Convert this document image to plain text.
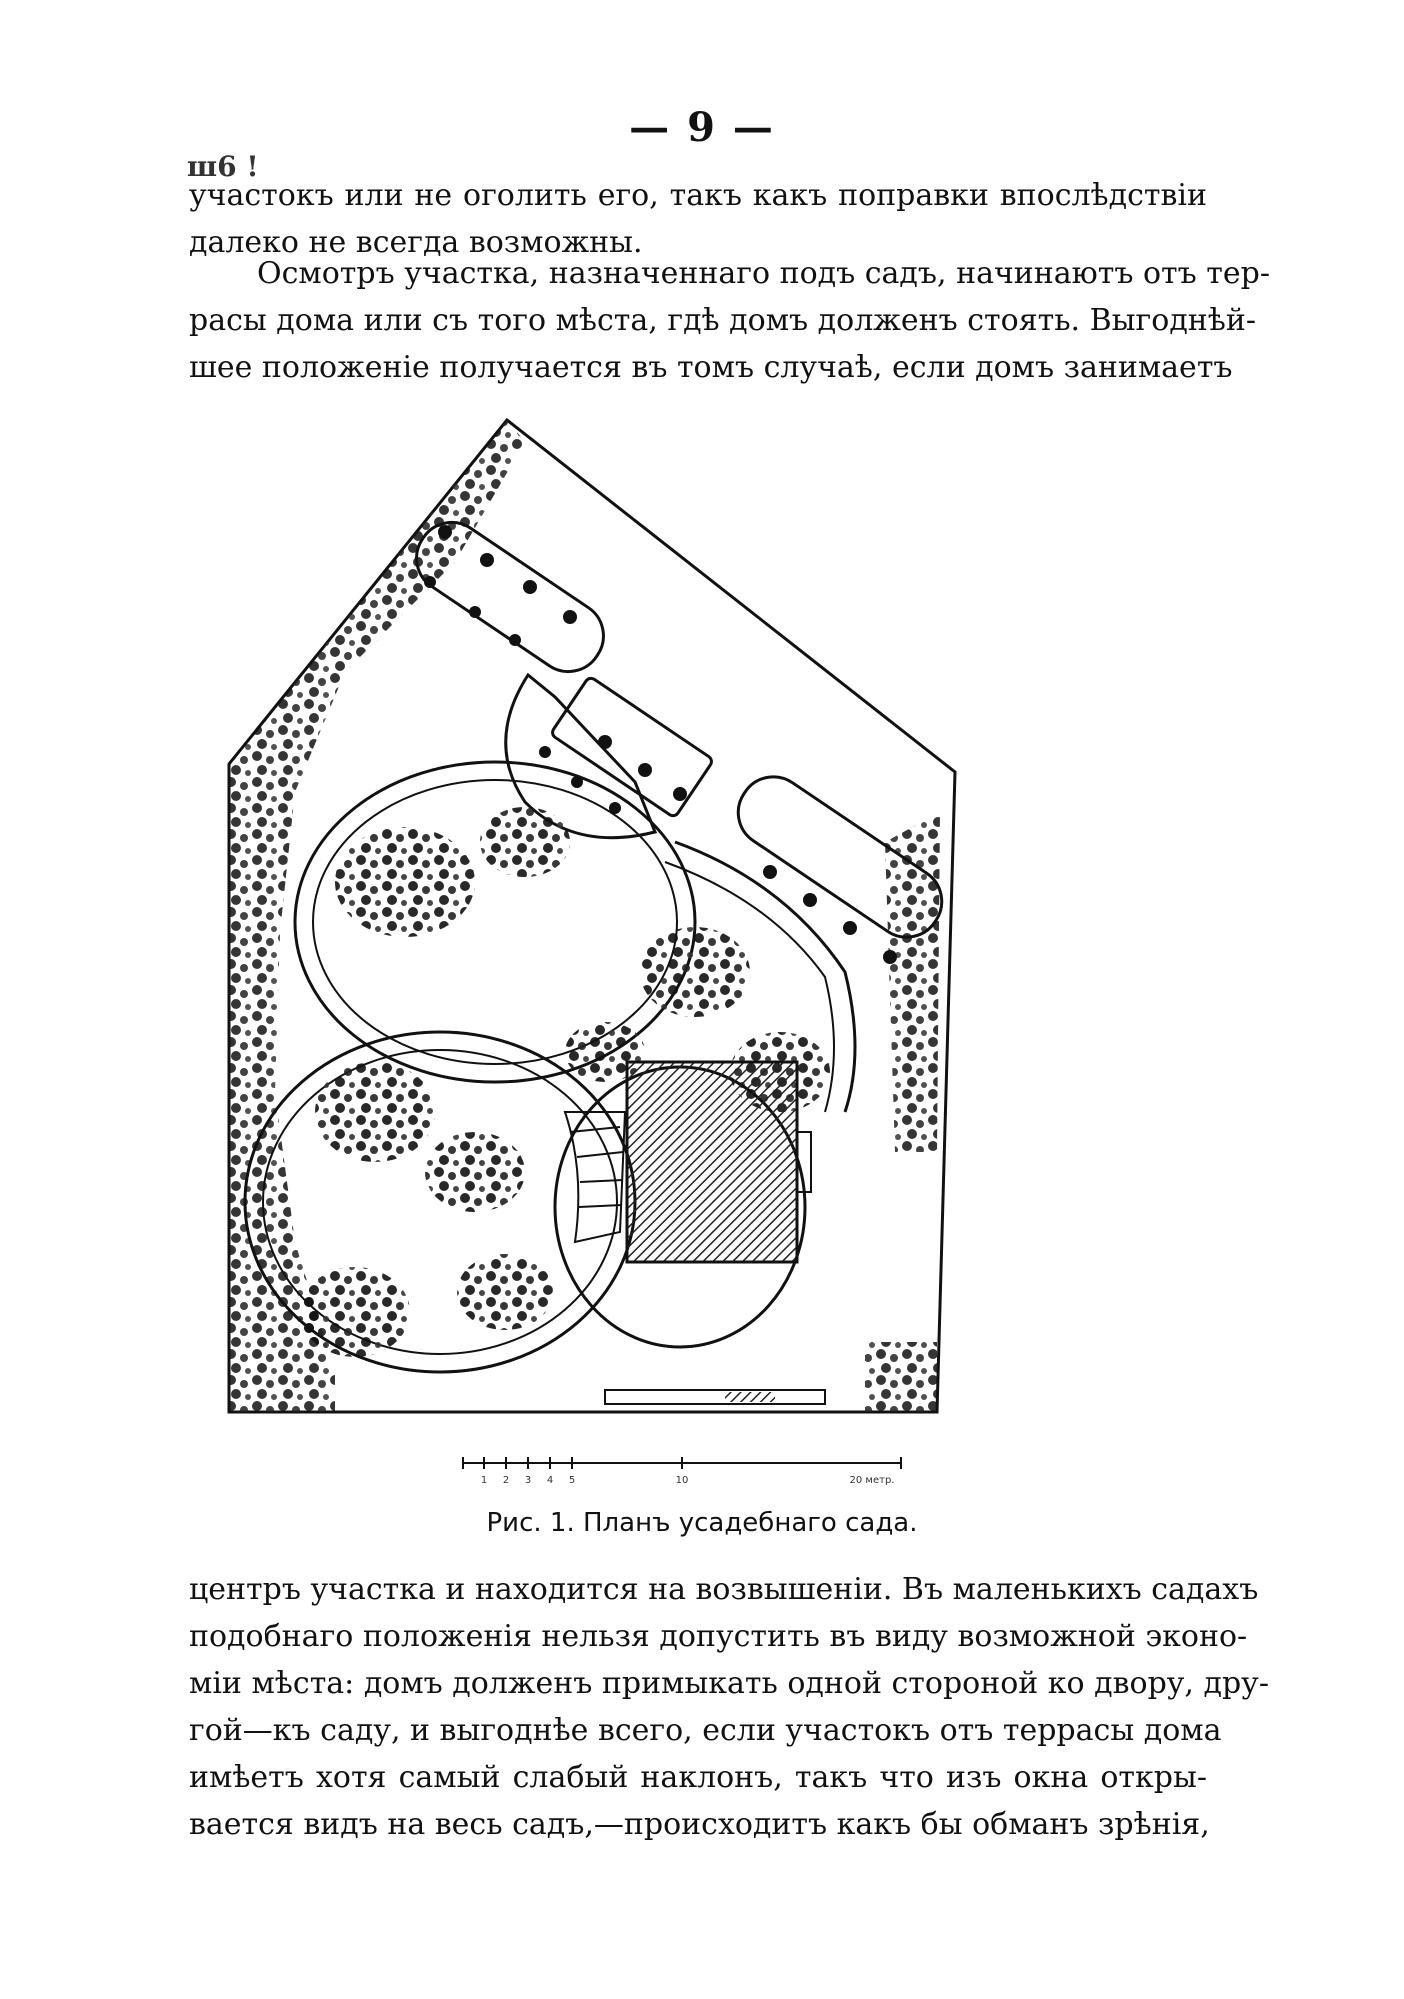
— 9 —
ш6 !
участокъ или не оголить его, такъ какъ поправки впослѣдствіи
далеко не всегда возможны.
Осмотръ участка, назначеннаго подъ садъ, начинаютъ отъ тер-
расы дома или съ того мѣста, гдѣ домъ долженъ стоять. Выгоднѣй-
шее положеніе получается въ томъ случаѣ, если домъ занимаетъ
1 2 3 4 5	10	20 метр.
Рис. 1. Планъ усадебнаго сада.
центръ участка и находится на возвышеніи. Въ маленькихъ садахъ
подобнаго положенія нельзя допустить въ виду возможной эконо-
міи мѣста: домъ долженъ примыкать одной стороной ко двору, дру-
гой—къ саду, и выгоднѣе всего, если участокъ отъ террасы дома
имѣетъ хотя самый слабый наклонъ, такъ что изъ окна откры-
вается видъ на весь садъ,—происходитъ какъ бы обманъ зрѣнія,
